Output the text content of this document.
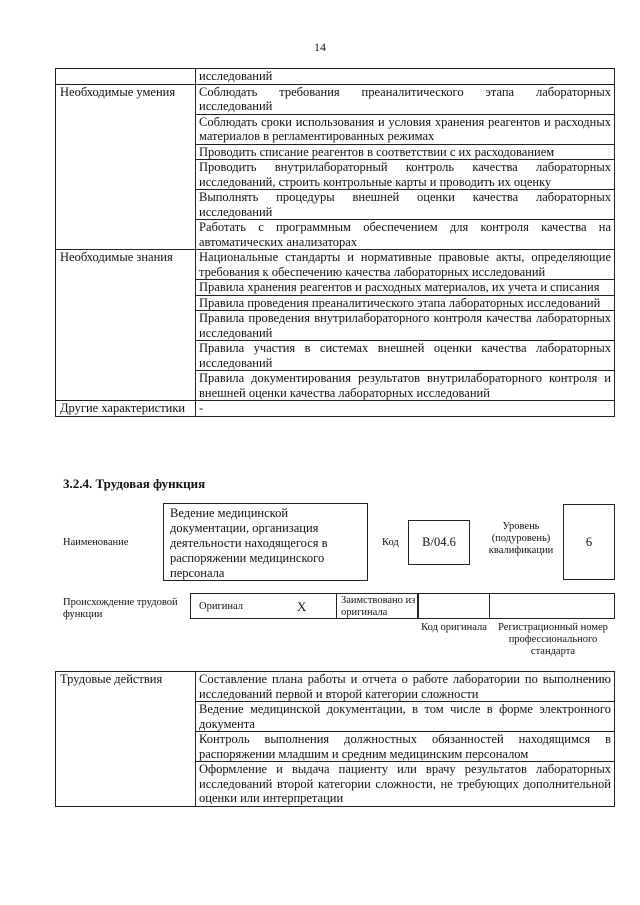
14
	исследований
Необходимые умения	Соблюдать требования преаналитического этапа лабораторных исследований
	Соблюдать сроки использования и условия хранения реагентов и расходных материалов в регламентированных режимах
	Проводить списание реагентов в соответствии с их расходованием
	Проводить внутрилабораторный контроль качества лабораторных исследований, строить контрольные карты и проводить их оценку
	Выполнять процедуры внешней оценки качества лабораторных исследований
	Работать с программным обеспечением для контроля качества на автоматических анализаторах
Необходимые знания	Национальные стандарты и нормативные правовые акты, определяющие требования к обеспечению качества лабораторных исследований
	Правила хранения реагентов и расходных материалов, их учета и списания
	Правила проведения преаналитического этапа лабораторных исследований
	Правила проведения внутрилабораторного контроля качества лабораторных исследований
	Правила участия в системах внешней оценки качества лабораторных исследований
	Правила документирования результатов внутрилабораторного контроля и внешней оценки качества лабораторных исследований
Другие характеристики	-
3.2.4. Трудовая функция
Наименование
Ведение медицинской документации, организация деятельности находящегося в распоряжении медицинского персонала
Код	B/04.6
Уровень (подуровень) квалификации
6
Происхождение трудовой функции
Оригинал	X	Заимствовано из оригинала
Код оригинала	Регистрационный номер профессионального стандарта
Трудовые действия	Составление плана работы и отчета о работе лаборатории по выполнению исследований первой и второй категории сложности
Ведение медицинской документации, в том числе в форме электронного документа
Контроль выполнения должностных обязанностей находящимся в распоряжении младшим и средним медицинским персоналом
Оформление и выдача пациенту или врачу результатов лабораторных исследований второй категории сложности, не требующих дополнительной оценки или интерпретации
